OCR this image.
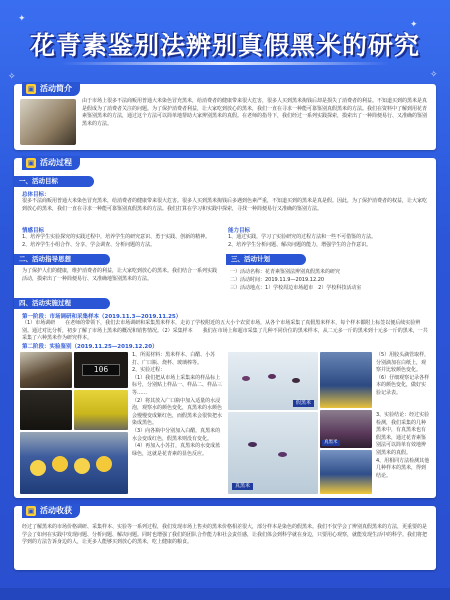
✦
✦
✧
✧
花青素鉴别法辨别真假黑米的研究
▣ 活动简介
由于市场上很多不法商贩用普通大米染色冒充黑米，给消费者的健康带来很大危害，很多人买到黑米掏钱后却是损失了消费者的利益。不知道买到的黑米是真是假成为了消费者关注的问题。为了保护消费者利益，让大家吃到放心的黑米，我们一直在寻求一种能可靠鉴别真假黑米的方法。我们在资料中了解到用花青素鉴别黑米的方法，通过这个方法可以简单地帮助大家辨别黑米的真假。在老师的指导下，我们经过一系列实践探索，摸索出了一种简便易行、又准确的鉴别黑米的方法。
▣ 活动过程
一、活动目标
总体目标：
很多不法商贩用普通大米染色冒充黑米，给消费者的健康带来很大危害。很多人买到黑米掏钱后多遇到色素严重，不知道买到的黑米是真是假。因此，为了保护消费者的权益，让大家吃到放心的黑米，我们一直在寻求一种能可靠鉴别真假黑米的方法。我们打算在学习和实践中探索，寻找一种简便易行又准确的鉴别方法。
情感目标
1、培养学生实验探究的实践过程中，培养学生的研究意识、勇于实践、创新的精神。
2、培养学生小组合作、分享，学会调查、分析问题的方法。
能力目标
1、通过实践，学习了实验研究的过程方法和一些不可借鉴的方法。
2、培养学生分析问题、解决问题的能力，增强学生的合作意识。
二、活动指导思想
为了保护人们的健康，维护消费者的利益，让大家吃到放心的黑米。我们结合一系列实践活动，摸索出了一种简便易行、又准确地鉴别黑米的方法。
三、活动计划
一）活动名称：花青素鉴别法辨别真假黑米的研究
二）活动时间：2019.11.9—2019.12.20
三）活动地点：1）学校周边市场超市　2）学校科技活动室
四、活动实施过程
第一阶段：市场调研和采集样本（2019.11.3—2019.11.25）
（1）市场调研　　在老师的带领下，我们去市场调研和采集黑米样本，走访了学校附近的五大小个农贸市场，从各个市场采集了真假黑米样本，每个样本都附上标签以便后续实验辨别。通过对比分析，初步了解了市场上黑米的概况和销售情况。（2）采集样本　　我们在市场上和超市采集了几种不同价位的黑米样本，从二元多一斤的黑米到十元多一斤的黑米，一共采集了六种黑米作为研究样本。
第二阶段：实验鉴别（2019.11.25—2019.12.20）
106
1、所需材料：黑米样本、白醋、小苏打、广口瓶、烧杯、玻璃棒等。
2、实验过程：
（1）我们把从市场上采集来的样品标上标号，分别贴上样品一、样品二、样品三等……
（2）将其放入广口瓶中加入适量的水浸泡，观察水的颜色变化，真黑米的水颜色会慢慢变成紫红色，而假黑米会很快把水染成黑色。
（3）向各瓶中分别加入白醋，真黑米的水会变成红色，假黑米则没有变化。
（4）再加入小苏打，真黑米的水变成蓝绿色，这就是花青素的显色反应。
假黑米
真黑米
（5）用胶头滴管取样，分别滴加在白纸上，观察并比较颜色变化。
（6）仔细观察记录各样本的颜色变化，做好实验记录表。
真黑米
3、实验结论：经过实验检测，我们采集的几种黑米中，有真黑米也有假黑米，通过花青素鉴别法可以简单有效地辨别黑米的真假。
4、用相同方法检测其他几种样本的黑米，得到结论。
▣ 活动收获
经过了解黑米的市场价格调研、采集样本、实验等一系列过程，我们发现市场上售卖的黑米价格相差很大，部分样本是染色的假黑米。我们不仅学会了辨别真假黑米的方法，更重要的是学会了如何在实践中发现问题、分析问题、解决问题。同时也增强了我们的团队合作能力和社会责任感，让我们体会到科学就在身边，只要用心观察，就能发现生活中的科学。我们将把学到的方法告诉身边的人，让更多人能够买到放心的黑米，吃上健康的粮食。
